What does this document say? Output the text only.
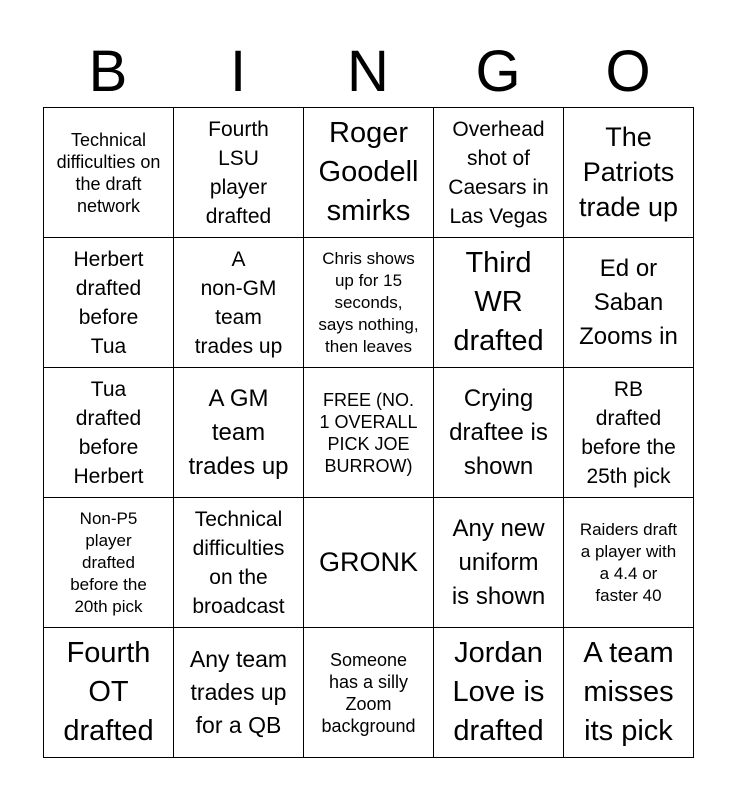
B	I	N	G	O
Technical
difficulties on
the draft
network
Fourth
LSU
player
drafted
Roger
Goodell
smirks
Overhead
shot of
Caesars in
Las Vegas
The
Patriots
trade up
Herbert
drafted
before
Tua
A
non-GM
team
trades up
Chris shows
up for 15
seconds,
says nothing,
then leaves
Third
WR
drafted
Ed or
Saban
Zooms in
Tua
drafted
before
Herbert
A GM
team
trades up
FREE (NO.
1 OVERALL
PICK JOE
BURROW)
Crying
draftee is
shown
RB
drafted
before the
25th pick
Non-P5
player
drafted
before the
20th pick
Technical
difficulties
on the
broadcast
GRONK
Any new
uniform
is shown
Raiders draft
a player with
a 4.4 or
faster 40
Fourth
OT
drafted
Any team
trades up
for a QB
Someone
has a silly
Zoom
background
Jordan
Love is
drafted
A team
misses
its pick
